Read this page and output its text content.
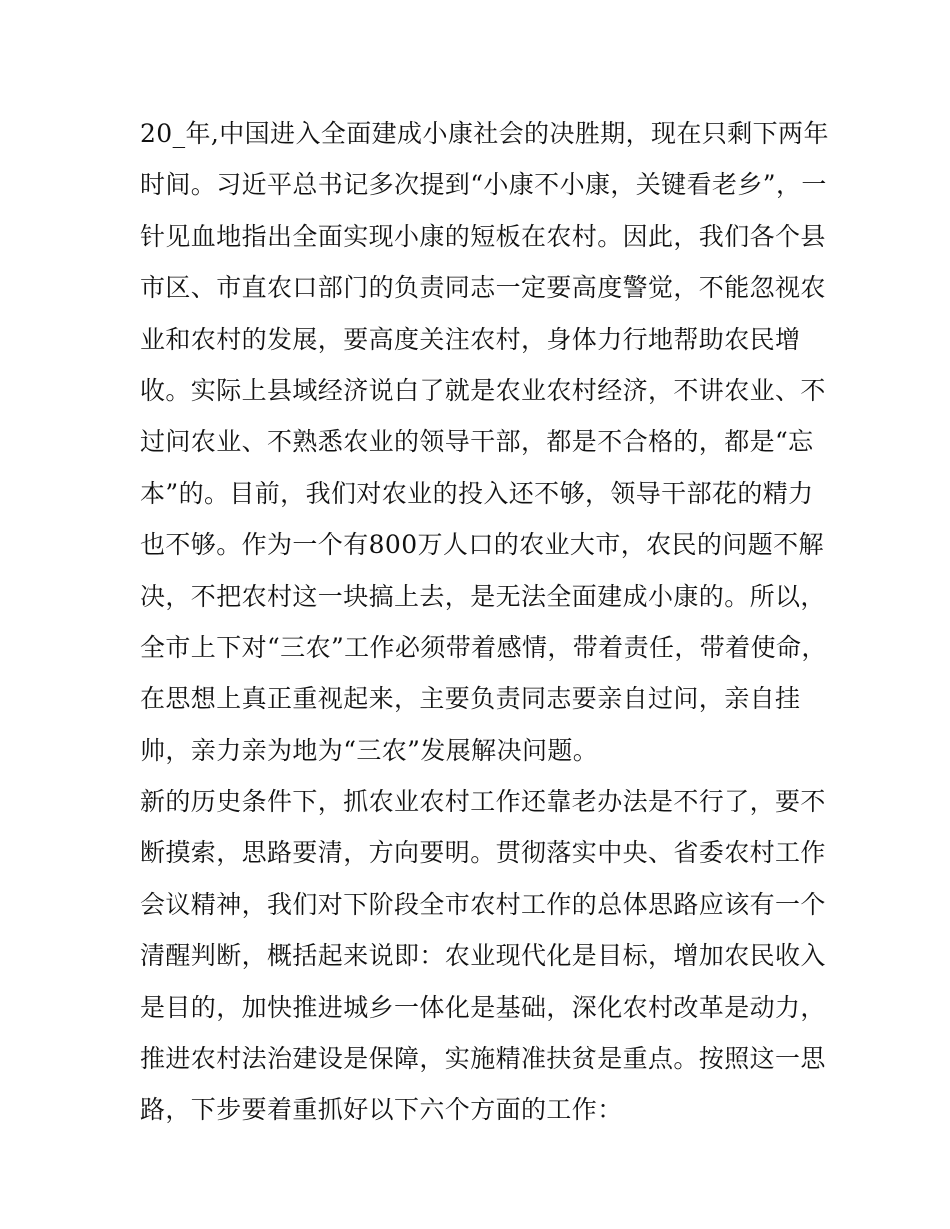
20_年,中国进入全面建成小康社会的决胜期，现在只剩下两年
时间。习近平总书记多次提到“小康不小康，关键看老乡”，一
针见血地指出全面实现小康的短板在农村。因此，我们各个县
市区、市直农口部门的负责同志一定要高度警觉，不能忽视农
业和农村的发展，要高度关注农村，身体力行地帮助农民增
收。实际上县域经济说白了就是农业农村经济，不讲农业、不
过问农业、不熟悉农业的领导干部，都是不合格的，都是“忘
本”的。目前，我们对农业的投入还不够，领导干部花的精力
也不够。作为一个有800万人口的农业大市，农民的问题不解
决，不把农村这一块搞上去，是无法全面建成小康的。所以，
全市上下对“三农”工作必须带着感情，带着责任，带着使命，
在思想上真正重视起来，主要负责同志要亲自过问，亲自挂
帅，亲力亲为地为“三农”发展解决问题。
新的历史条件下，抓农业农村工作还靠老办法是不行了，要不
断摸索，思路要清，方向要明。贯彻落实中央、省委农村工作
会议精神，我们对下阶段全市农村工作的总体思路应该有一个
清醒判断，概括起来说即：农业现代化是目标，增加农民收入
是目的，加快推进城乡一体化是基础，深化农村改革是动力，
推进农村法治建设是保障，实施精准扶贫是重点。按照这一思
路，下步要着重抓好以下六个方面的工作：
